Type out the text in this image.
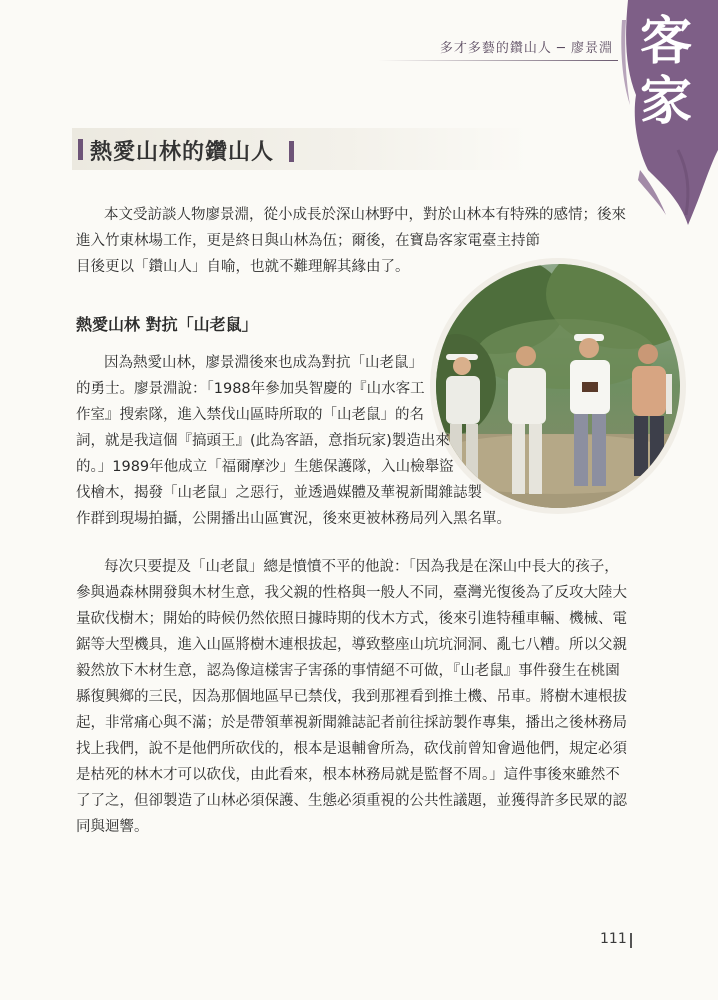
客
家
多才多藝的鑽山人 ─ 廖景淵
熱愛山林的鑽山人
本文受訪談人物廖景淵，從小成長於深山林野中，對於山林本有特殊的感情；後來
進入竹東林場工作，更是終日與山林為伍；爾後，在寶島客家電臺主持節
目後更以「鑽山人」自喻，也就不難理解其緣由了。
熱愛山林 對抗「山老鼠」
因為熱愛山林，廖景淵後來也成為對抗「山老鼠」
的勇士。廖景淵說：「1988年參加吳智慶的『山水客工
作室』搜索隊，進入禁伐山區時所取的「山老鼠」的名
詞，就是我這個『搞頭王』(此為客語，意指玩家)製造出來
的。」1989年他成立「福爾摩沙」生態保護隊，入山檢舉盜
伐檜木，揭發「山老鼠」之惡行，並透過媒體及華視新聞雜誌製
作群到現場拍攝，公開播出山區實況，後來更被林務局列入黑名單。
每次只要提及「山老鼠」總是憤憤不平的他說：「因為我是在深山中長大的孩子，
參與過森林開發與木材生意，我父親的性格與一般人不同，臺灣光復後為了反攻大陸大
量砍伐樹木；開始的時候仍然依照日據時期的伐木方式，後來引進特種車輛、機械、電
鋸等大型機具，進入山區將樹木連根拔起，導致整座山坑坑洞洞、亂七八糟。所以父親
毅然放下木材生意，認為像這樣害子害孫的事情絕不可做，『山老鼠』事件發生在桃園
縣復興鄉的三民，因為那個地區早已禁伐，我到那裡看到推土機、吊車。將樹木連根拔
起，非常痛心與不滿；於是帶領華視新聞雜誌記者前往採訪製作專集，播出之後林務局
找上我們，說不是他們所砍伐的，根本是退輔會所為，砍伐前曾知會過他們，規定必須
是枯死的林木才可以砍伐，由此看來，根本林務局就是監督不周。」這件事後來雖然不
了了之，但卻製造了山林必須保護、生態必須重視的公共性議題，並獲得許多民眾的認
同與迴響。
111
